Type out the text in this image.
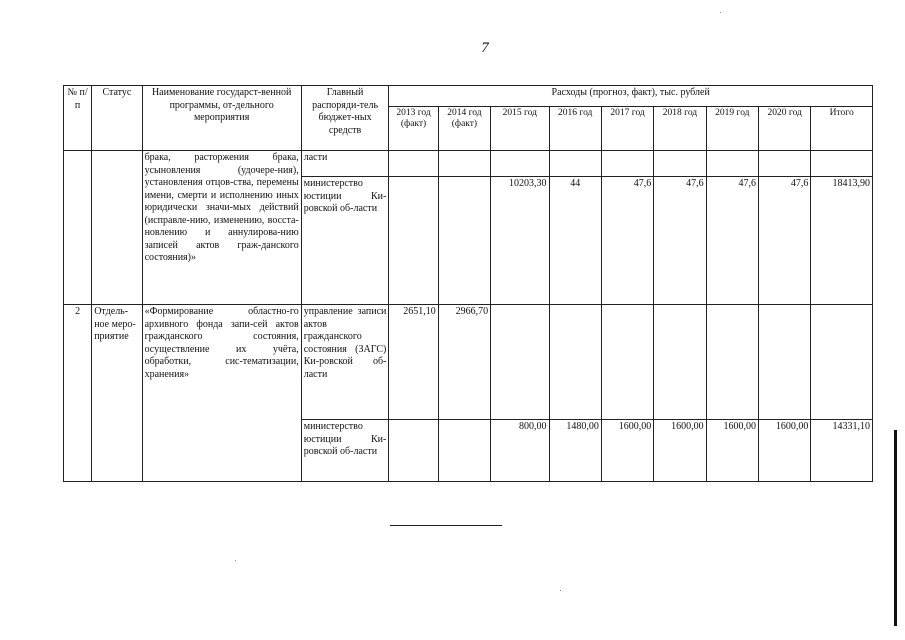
7
№ п/п	Статус	Наименование государст-венной программы, от-дельного мероприятия	Главный распоряди-тель бюджет-ных средств	Расходы (прогноз, факт), тыс. рублей								
				2013 год (факт)	2014 год (факт)	2015 год	2016 год	2017 год	2018 год	2019 год	2020 год	Итого
		брака, расторжения брака, усыновления (удочере-ния), установления отцов-ства, перемены имени, смерти и исполнению иных юридически значи-мых действий (исправле-нию, изменению, восста-новлению и аннулирова-нию записей актов граж-данского состояния)»	ласти									
			министерство юстиции Ки-ровской об-ласти			10203,30	44	47,6	47,6	47,6	47,6	18413,90
2	Отдель-ное меро-приятие	«Формирование областно-го архивного фонда запи-сей актов гражданского состояния, осуществление их учёта, обработки, сис-тематизации, хранения»	управление записи актов гражданского состояния (ЗАГС) Ки-ровской об-ласти	2651,10	2966,70							
			министерство юстиции Ки-ровской об-ласти			800,00	1480,00	1600,00	1600,00	1600,00	1600,00	14331,10
